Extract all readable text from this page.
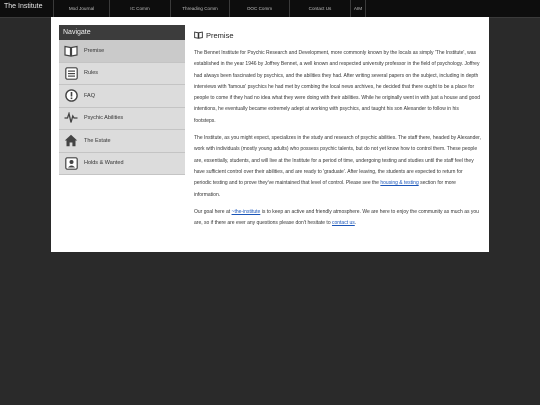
The Institute	Mod Journal	IC Comm	Threading Comm	OOC Comm	Contact Us	AIM
Navigate
Premise
Rules
FAQ
Psychic Abilities
The Estate
Holds & Wanted
Premise

The Bennet Institute for Psychic Research and Development, more commonly known by the locals as simply 'The Institute', was established in the year 1946 by Joffrey Bennet, a well known and respected university professor in the field of psychology. Joffrey had always been fascinated by psychics, and the abilities they had. After writing several papers on the subject, including in depth interviews with 'famous' psychics he had met by combing the local news archives, he decided that there ought to be a place for people to come if they had no idea what they were doing with their abilities. While he originally went in with just a house and good intentions, he eventually became extremely adept at working with psychics, and taught his son Alexander to follow in his footsteps.

The Institute, as you might expect, specializes in the study and research of psychic abilities. The staff there, headed by Alexander, work with individuals (mostly young adults) who possess psychic talents, but do not yet know how to control them. These people are, essentially, students, and will live at the Institute for a period of time, undergoing testing and studies until the staff feel they have sufficient control over their abilities, and are ready to 'graduate'. After leaving, the students are expected to return for periodic testing and to prove they've maintained that level of control. Please see the housing & testing section for more information.

Our goal here at ~the-institute is to keep an active and friendly atmosphere. We are here to enjoy the community as much as you are, so if there are ever any questions please don't hesitate to contact us.
